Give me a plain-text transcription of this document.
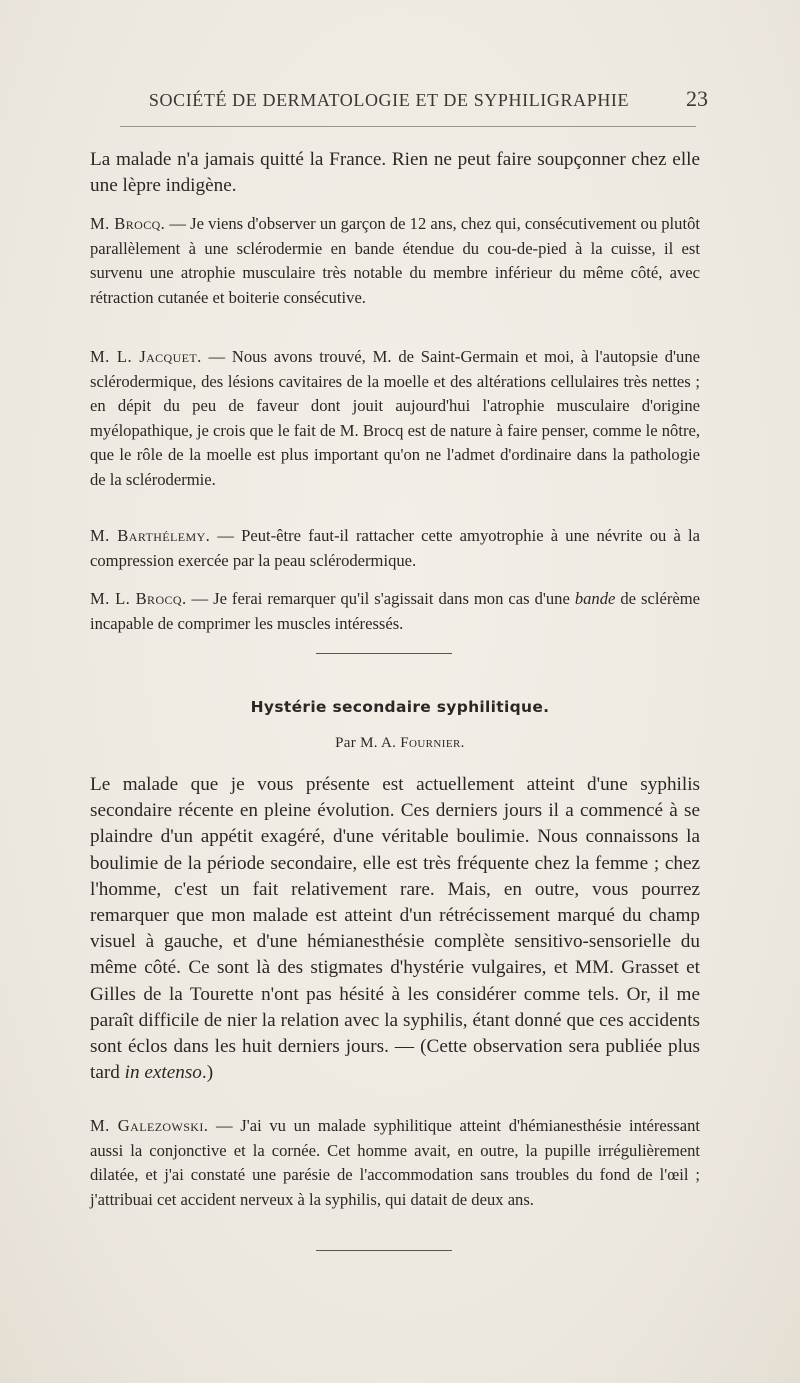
SOCIÉTÉ DE DERMATOLOGIE ET DE SYPHILIGRAPHIE	23

La malade n'a jamais quitté la France. Rien ne peut faire soupçonner chez elle une lèpre indigène.

M. Brocq. — Je viens d'observer un garçon de 12 ans, chez qui, consécutivement ou plutôt parallèlement à une sclérodermie en bande étendue du cou-de-pied à la cuisse, il est survenu une atrophie musculaire très notable du membre inférieur du même côté, avec rétraction cutanée et boiterie consécutive.

M. L. Jacquet. — Nous avons trouvé, M. de Saint-Germain et moi, à l'autopsie d'une sclérodermique, des lésions cavitaires de la moelle et des altérations cellulaires très nettes ; en dépit du peu de faveur dont jouit aujourd'hui l'atrophie musculaire d'origine myélopathique, je crois que le fait de M. Brocq est de nature à faire penser, comme le nôtre, que le rôle de la moelle est plus important qu'on ne l'admet d'ordinaire dans la pathologie de la sclérodermie.

M. Barthélemy. — Peut-être faut-il rattacher cette amyotrophie à une névrite ou à la compression exercée par la peau sclérodermique.

M. L. Brocq. — Je ferai remarquer qu'il s'agissait dans mon cas d'une bande de sclérème incapable de comprimer les muscles intéressés.

Hystérie secondaire syphilitique.
Par M. A. Fournier.

Le malade que je vous présente est actuellement atteint d'une syphilis secondaire récente en pleine évolution. Ces derniers jours il a commencé à se plaindre d'un appétit exagéré, d'une véritable boulimie. Nous connaissons la boulimie de la période secondaire, elle est très fréquente chez la femme ; chez l'homme, c'est un fait relativement rare. Mais, en outre, vous pourrez remarquer que mon malade est atteint d'un rétrécissement marqué du champ visuel à gauche, et d'une hémianesthésie complète sensitivo-sensorielle du même côté. Ce sont là des stigmates d'hystérie vulgaires, et MM. Grasset et Gilles de la Tourette n'ont pas hésité à les considérer comme tels. Or, il me paraît difficile de nier la relation avec la syphilis, étant donné que ces accidents sont éclos dans les huit derniers jours. — (Cette observation sera publiée plus tard in extenso.)

M. Galezowski. — J'ai vu un malade syphilitique atteint d'hémianesthésie intéressant aussi la conjonctive et la cornée. Cet homme avait, en outre, la pupille irrégulièrement dilatée, et j'ai constaté une parésie de l'accommodation sans troubles du fond de l'œil ; j'attribuai cet accident nerveux à la syphilis, qui datait de deux ans.
